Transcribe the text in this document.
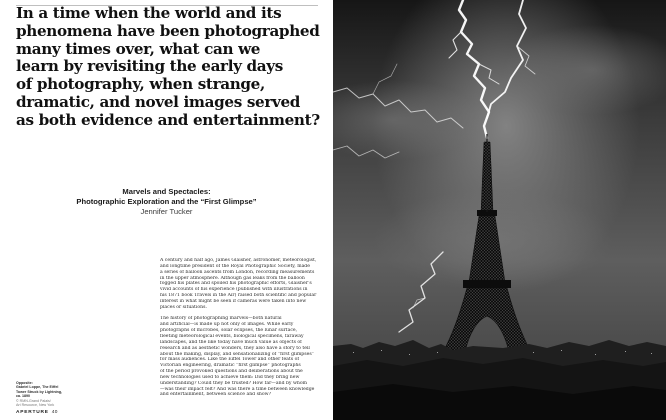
In a time when the world and its
phenomena have been photographed
many times over, what can we
learn by revisiting the early days
of photography, when strange,
dramatic, and novel images served
as both evidence and entertainment?
Marvels and Spectacles:
Photographic Exploration and the “First Glimpse”
Jennifer Tucker
A century and half ago, James Glaisher, astronomer, meteorologist,
and longtime president of the Royal Photographic Society, made
a series of balloon ascents from London, recording measurements
in the upper atmosphere. Although gas leaks from the balloon
fogged his plates and spoiled his photographic efforts, Glaisher’s
vivid accounts of his experience (published with illustrations in
his 1871 book Travels in the Air) raised both scientific and popular
interest in what might be seen if cameras were taken into new
places or situations.
The history of photographing marvels—both natural
and artificial—is made up not only of images. While early
photographs of microbes, solar eclipses, the lunar surface,
fleeting meteorological events, biological specimens, faraway
landscapes, and the like today have much value as objects of
research and as aesthetic wonders, they also have a story to tell
about the making, display, and sensationalizing of “first glimpses”
for mass audiences. Like the Eiffel Tower and other feats of
Victorian engineering, dramatic “first glimpse” photographs
of the period provoked questions and deliberations about the
new technologies used to achieve them: Did they bring new
understanding? Could they be trusted? How far—and by whom
—was their impact felt? And was there a time between knowledge
and entertainment, between science and show?
Opposite:
Gabriel Loppe, The Eiffel
Tower Struck by Lightning,
ca. 1890
© RMN-Grand Palais/
Art Resource, New York
APERTURE 40
